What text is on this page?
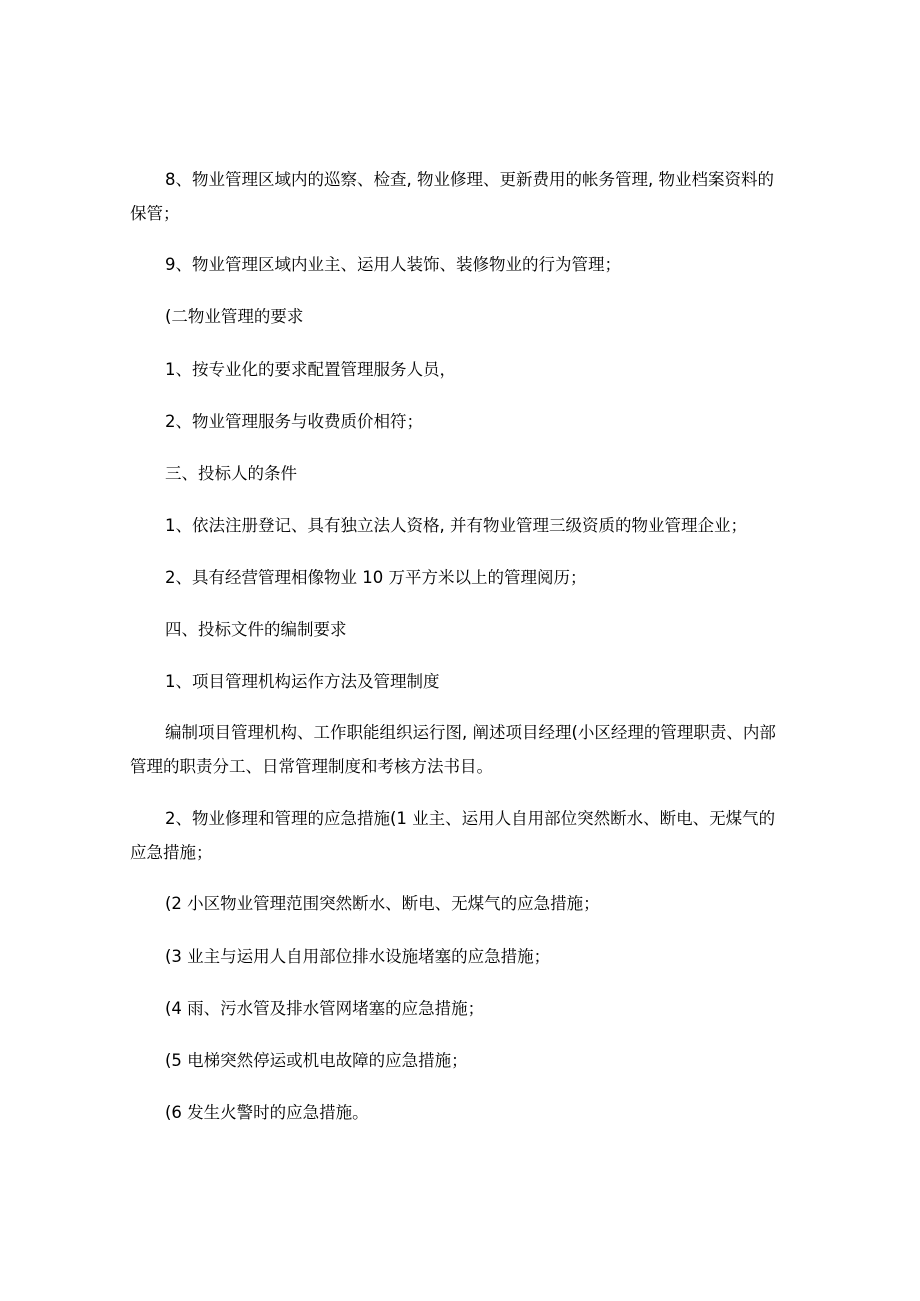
8、物业管理区域内的巡察、检查, 物业修理、更新费用的帐务管理, 物业档案资料的保管；

9、物业管理区域内业主、运用人装饰、装修物业的行为管理；

(二物业管理的要求

1、按专业化的要求配置管理服务人员，

2、物业管理服务与收费质价相符；

三、投标人的条件

1、依法注册登记、具有独立法人资格, 并有物业管理三级资质的物业管理企业；

2、具有经营管理相像物业 10 万平方米以上的管理阅历；

四、投标文件的编制要求

1、项目管理机构运作方法及管理制度

编制项目管理机构、工作职能组织运行图, 阐述项目经理(小区经理的管理职责、内部管理的职责分工、日常管理制度和考核方法书目。

2、物业修理和管理的应急措施(1 业主、运用人自用部位突然断水、断电、无煤气的应急措施；

(2 小区物业管理范围突然断水、断电、无煤气的应急措施；

(3 业主与运用人自用部位排水设施堵塞的应急措施；

(4 雨、污水管及排水管网堵塞的应急措施；

(5 电梯突然停运或机电故障的应急措施；

(6 发生火警时的应急措施。
